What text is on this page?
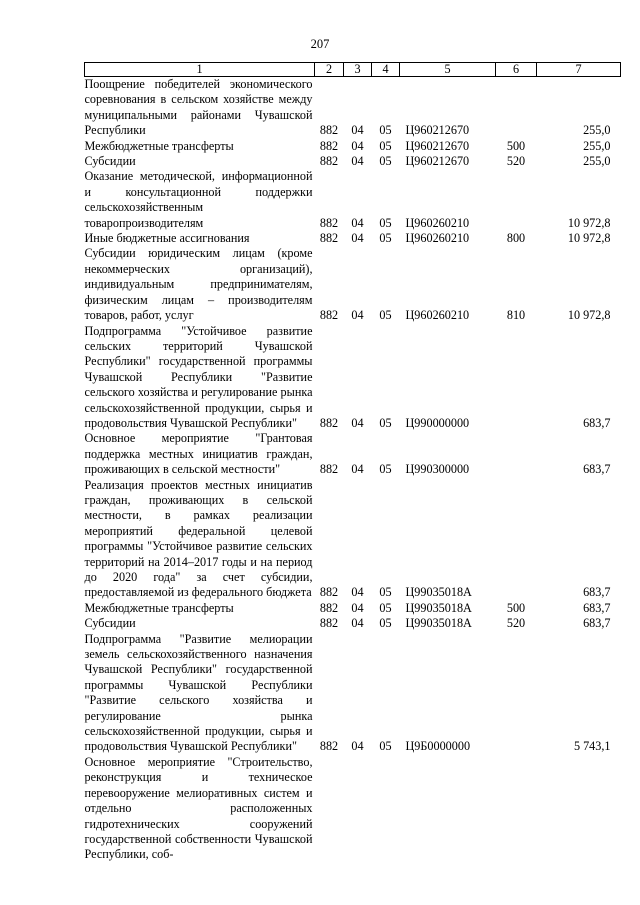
207
1	2	3	4	5	6	7
Поощрение победителей экономического соревнования в сельском хозяйстве между муниципальными районами Чувашской Республики	882	04	05	Ц960212670		255,0
Межбюджетные трансферты	882	04	05	Ц960212670	500	255,0
Субсидии	882	04	05	Ц960212670	520	255,0
Оказание методической, информационной и консультационной поддержки сельскохозяйственным товаропроизводителям	882	04	05	Ц960260210		10 972,8
Иные бюджетные ассигнования	882	04	05	Ц960260210	800	10 972,8
Субсидии юридическим лицам (кроме некоммерческих организаций), индивидуальным предпринимателям, физическим лицам – производителям товаров, работ, услуг	882	04	05	Ц960260210	810	10 972,8
Подпрограмма "Устойчивое развитие сельских территорий Чувашской Республики" государственной программы Чувашской Республики "Развитие сельского хозяйства и регулирование рынка сельскохозяйственной продукции, сырья и продовольствия Чувашской Республики"	882	04	05	Ц990000000		683,7
Основное мероприятие "Грантовая поддержка местных инициатив граждан, проживающих в сельской местности"	882	04	05	Ц990300000		683,7
Реализация проектов местных инициатив граждан, проживающих в сельской местности, в рамках реализации мероприятий федеральной целевой программы "Устойчивое развитие сельских территорий на 2014–2017 годы и на период до 2020 года" за счет субсидии, предоставляемой из федерального бюджета	882	04	05	Ц99035018А		683,7
Межбюджетные трансферты	882	04	05	Ц99035018А	500	683,7
Субсидии	882	04	05	Ц99035018А	520	683,7
Подпрограмма "Развитие мелиорации земель сельскохозяйственного назначения Чувашской Республики" государственной программы Чувашской Республики "Развитие сельского хозяйства и регулирование рынка сельскохозяйственной продукции, сырья и продовольствия Чувашской Республики"	882	04	05	Ц9Б0000000		5 743,1
Основное мероприятие "Строительство, реконструкция и техническое перевооружение мелиоративных систем и отдельно расположенных гидротехнических сооружений государственной собственности Чувашской Республики, соб-						
